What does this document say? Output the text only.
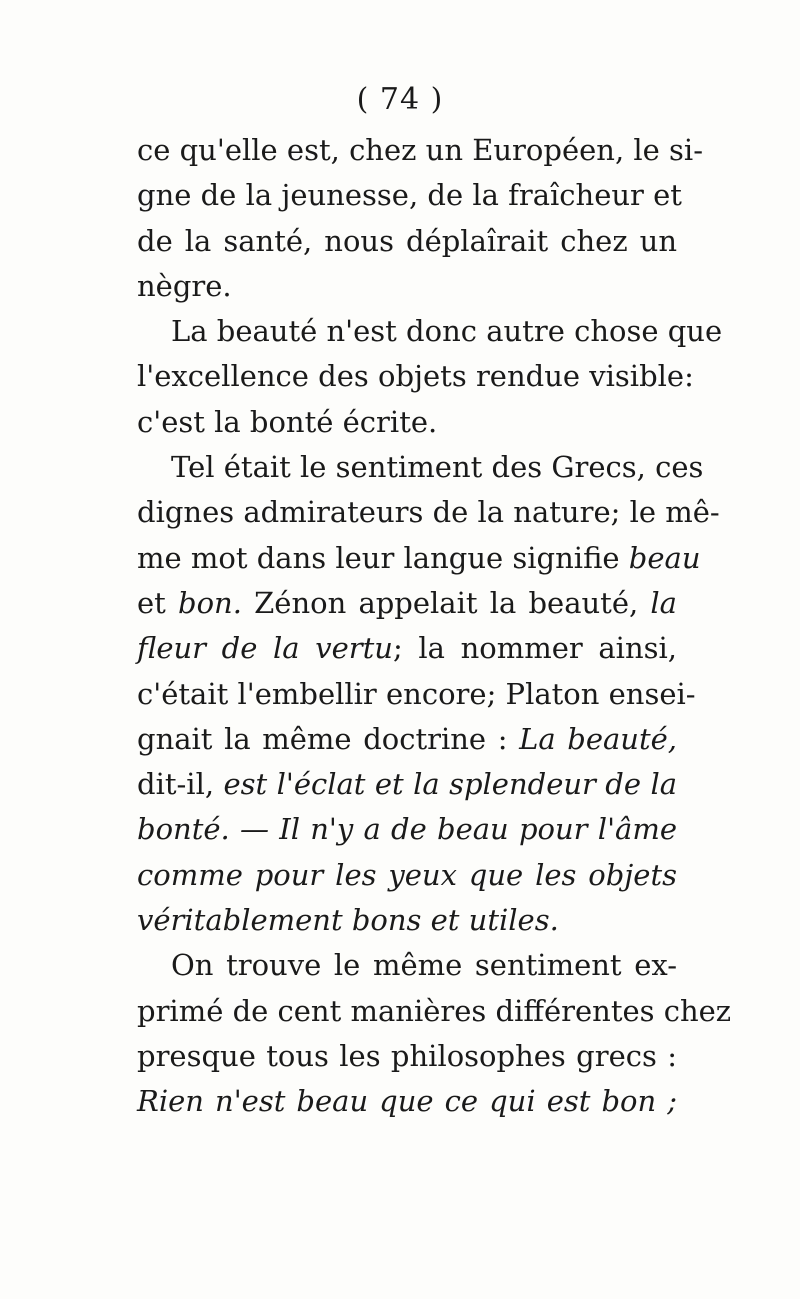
( 74 )
ce qu'elle est, chez un Européen, le si-
gne de la jeunesse, de la fraîcheur et
de la santé, nous déplaîrait chez un
nègre.
La beauté n'est donc autre chose que
l'excellence des objets rendue visible:
c'est la bonté écrite.
Tel était le sentiment des Grecs, ces
dignes admirateurs de la nature; le mê-
me mot dans leur langue signifie beau
et bon. Zénon appelait la beauté, la
fleur de la vertu; la nommer ainsi,
c'était l'embellir encore; Platon ensei-
gnait la même doctrine : La beauté,
dit-il, est l'éclat et la splendeur de la
bonté. — Il n'y a de beau pour l'âme
comme pour les yeux que les objets
véritablement bons et utiles.
On trouve le même sentiment ex-
primé de cent manières différentes chez
presque tous les philosophes grecs :
Rien n'est beau que ce qui est bon ;
